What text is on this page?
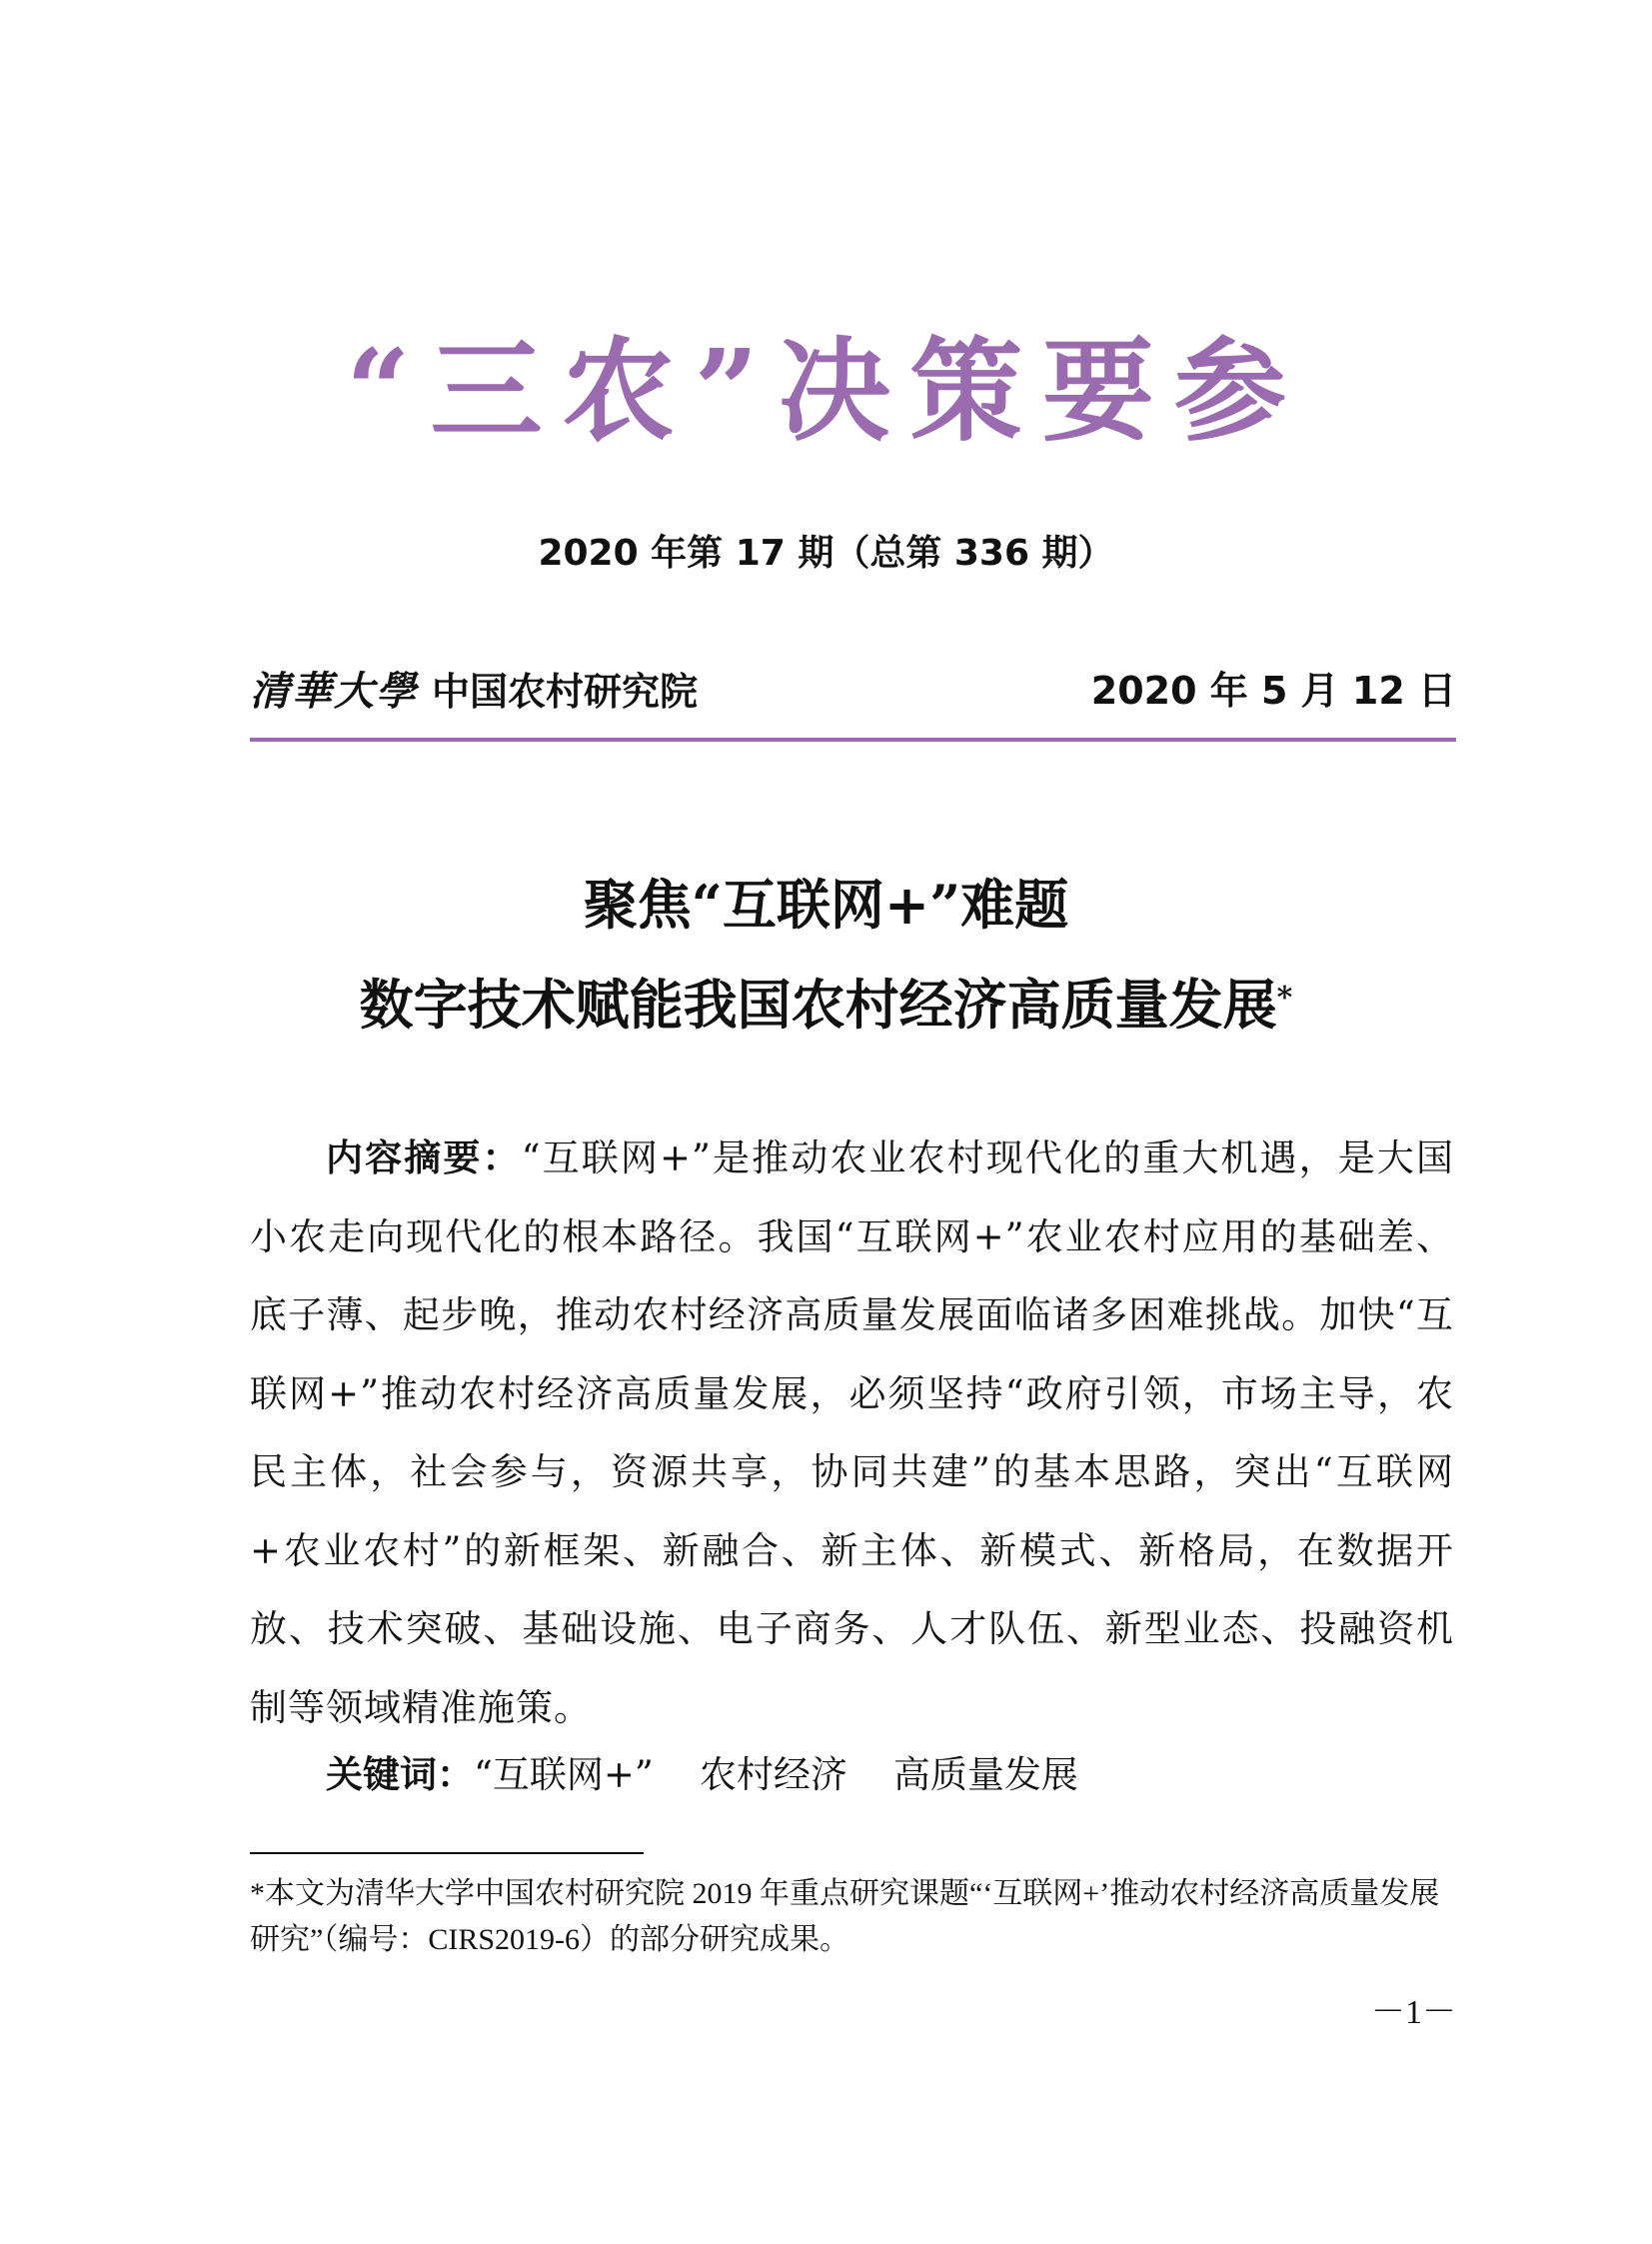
“三农”决策要参
2020 年第 17 期（总第 336 期）
清華大學 中国农村研究院	2020 年 5 月 12 日
聚焦“互联网+”难题
数字技术赋能我国农村经济高质量发展*
内容摘要：“互联网+”是推动农业农村现代化的重大机遇，是大国小农走向现代化的根本路径。我国“互联网+”农业农村应用的基础差、底子薄、起步晚，推动农村经济高质量发展面临诸多困难挑战。加快“互联网+”推动农村经济高质量发展，必须坚持“政府引领，市场主导，农民主体，社会参与，资源共享，协同共建”的基本思路，突出“互联网+农业农村”的新框架、新融合、新主体、新模式、新格局，在数据开放、技术突破、基础设施、电子商务、人才队伍、新型业态、投融资机制等领域精准施策。
关键词：“互联网+” 农村经济 高质量发展
*本文为清华大学中国农村研究院 2019 年重点研究课题“‘互联网+’推动农村经济高质量发展研究”（编号：CIRS2019-6）的部分研究成果。
－1－
